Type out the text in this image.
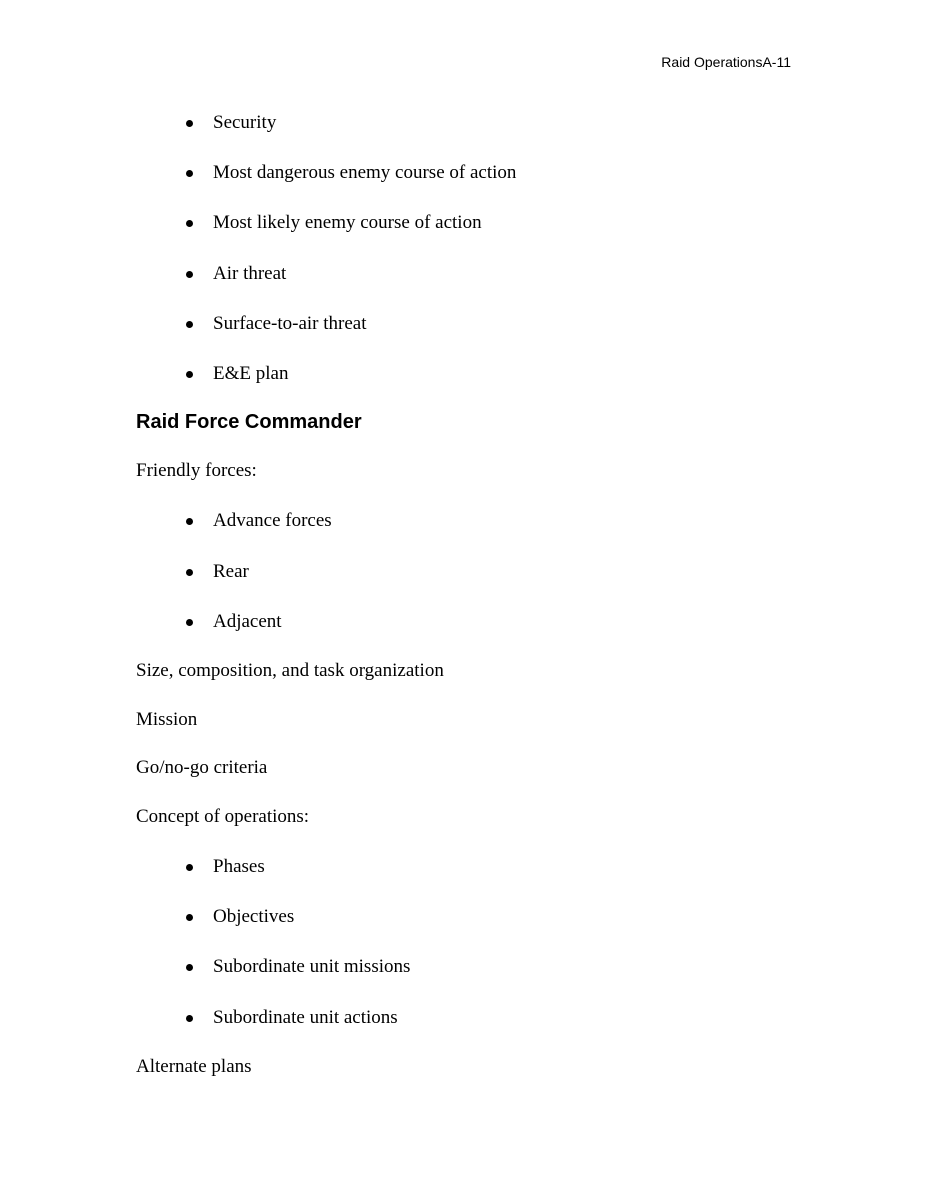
Raid OperationsA-11
Security
Most dangerous enemy course of action
Most likely enemy course of action
Air threat
Surface-to-air threat
E&E plan
Raid Force Commander
Friendly forces:
Advance forces
Rear
Adjacent
Size, composition, and task organization
Mission
Go/no-go criteria
Concept of operations:
Phases
Objectives
Subordinate unit missions
Subordinate unit actions
Alternate plans
